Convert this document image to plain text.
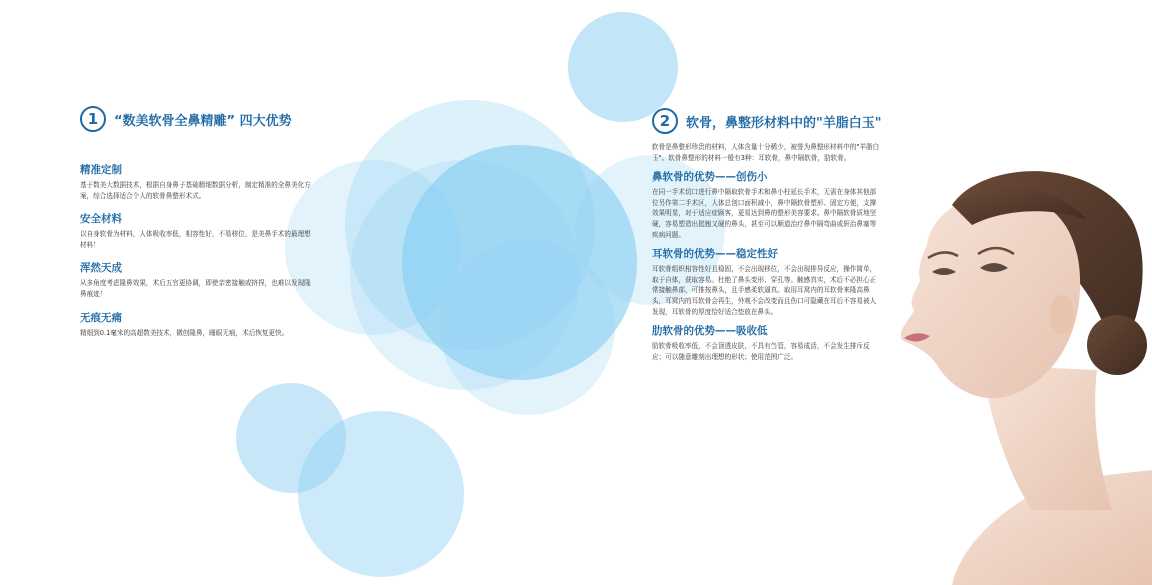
1	“数美软骨全鼻精雕” 四大优势
精准定制
基于数美大数据技术，根据自身鼻子基础精细数据分析，制定精准的全鼻美化方案，综合选择适合个人的软骨鼻整形术式。
安全材料
以自身软骨为材料，人体吸收率低，相容性好，不易移位，是美鼻手术的最理想材料！
浑然天成
从多角度考虑隆鼻效果，术后五官更协调，即使亲密接触或挤捏，也难以发现隆鼻痕迹！
无痕无痛
精细到0.1毫米的高超数美技术，微创隆鼻，睡眼无痕，术后恢复更快。
2	软骨，鼻整形材料中的"羊脂白玉"
软骨是鼻整形珍贵的材料，人体含量十分稀少，被誉为鼻整形材料中的"羊脂白玉"。软骨鼻整形的材料一般有3种：耳软骨，鼻中隔软骨，肋软骨。
鼻软骨的优势——创伤小
在同一手术切口进行鼻中隔取软骨手术和鼻小柱延长手术，无需在身体其他部位另作第二手术区，人体总创口面积减小，鼻中隔软骨塑形、固定方便，支撑效果明显，对于适应症顾客，更易达到鼻的整形美容要求。鼻中隔软骨质地坚硬，容易塑造出挺翘又硬的鼻头，甚至可以顺道治疗鼻中隔弯曲或鼾治鼻塞等疾病问题。
耳软骨的优势——稳定性好
耳软骨组织相容性好且稳固，不会出现移位，不会出现排异反应，操作简单，取于自体，获取容易。杜绝了鼻头变形、穿孔等。触感真实，术后不必担心正常接触鼻部，可推按鼻头，且手感柔软逼真。取用耳窝内的耳软骨来隆高鼻头，耳窝内的耳软骨会再生，外观不会改变而且伤口可隐藏在耳后不容易被人发现，耳软骨的厚度恰好适合垫放在鼻头。
肋软骨的优势——吸收低
肋软骨吸收率低，不会顶透皮肤，不具有刍管，容易成活，不会发生排斥反应；可以随意雕刻出理想的形状；使用范围广泛。
